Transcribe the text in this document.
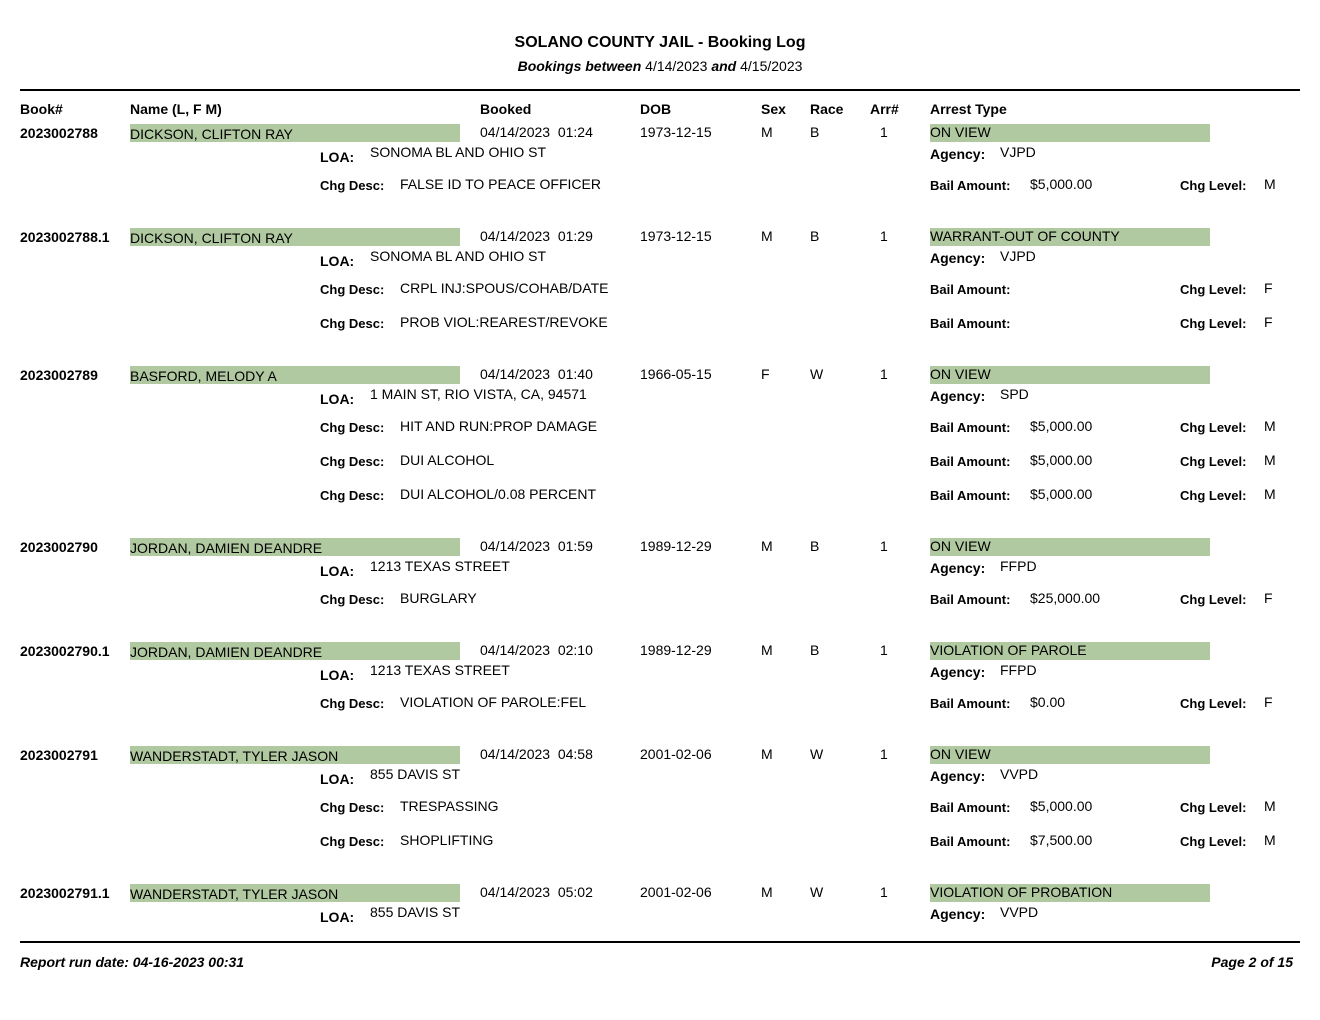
SOLANO COUNTY JAIL - Booking Log
Bookings between 4/14/2023 and 4/15/2023
Book#	Name (L, F M)	Booked	DOB	Sex Race Arr# Arrest Type
2023002788 DICKSON, CLIFTON RAY	04/14/2023  01:24	1973-12-15	M	B	1	ON VIEW
LOA: SONOMA BL AND OHIO ST	Agency: VJPD
Chg Desc: FALSE ID TO PEACE OFFICER	Bail Amount: $5,000.00	Chg Level: M
2023002788.1 DICKSON, CLIFTON RAY	04/14/2023  01:29	1973-12-15	M	B	1	WARRANT-OUT OF COUNTY
LOA: SONOMA BL AND OHIO ST	Agency: VJPD
Chg Desc: CRPL INJ:SPOUS/COHAB/DATE	Bail Amount:	Chg Level: F
Chg Desc: PROB VIOL:REAREST/REVOKE	Bail Amount:	Chg Level: F
2023002789 BASFORD, MELODY A	04/14/2023  01:40	1966-05-15	F	W	1	ON VIEW
LOA: 1 MAIN ST, RIO VISTA, CA, 94571	Agency: SPD
Chg Desc: HIT AND RUN:PROP DAMAGE	Bail Amount: $5,000.00	Chg Level: M
Chg Desc: DUI ALCOHOL	Bail Amount: $5,000.00	Chg Level: M
Chg Desc: DUI ALCOHOL/0.08 PERCENT	Bail Amount: $5,000.00	Chg Level: M
2023002790 JORDAN, DAMIEN DEANDRE	04/14/2023  01:59	1989-12-29	M	B	1	ON VIEW
LOA: 1213 TEXAS STREET	Agency: FFPD
Chg Desc: BURGLARY	Bail Amount: $25,000.00	Chg Level: F
2023002790.1 JORDAN, DAMIEN DEANDRE	04/14/2023  02:10	1989-12-29	M	B	1	VIOLATION OF PAROLE
LOA: 1213 TEXAS STREET	Agency: FFPD
Chg Desc: VIOLATION OF PAROLE:FEL	Bail Amount: $0.00	Chg Level: F
2023002791 WANDERSTADT, TYLER JASON	04/14/2023  04:58	2001-02-06	M	W	1	ON VIEW
LOA: 855 DAVIS ST	Agency: VVPD
Chg Desc: TRESPASSING	Bail Amount: $5,000.00	Chg Level: M
Chg Desc: SHOPLIFTING	Bail Amount: $7,500.00	Chg Level: M
2023002791.1 WANDERSTADT, TYLER JASON	04/14/2023  05:02	2001-02-06	M	W	1	VIOLATION OF PROBATION
LOA: 855 DAVIS ST	Agency: VVPD
Report run date: 04-16-2023 00:31	Page 2 of 15
